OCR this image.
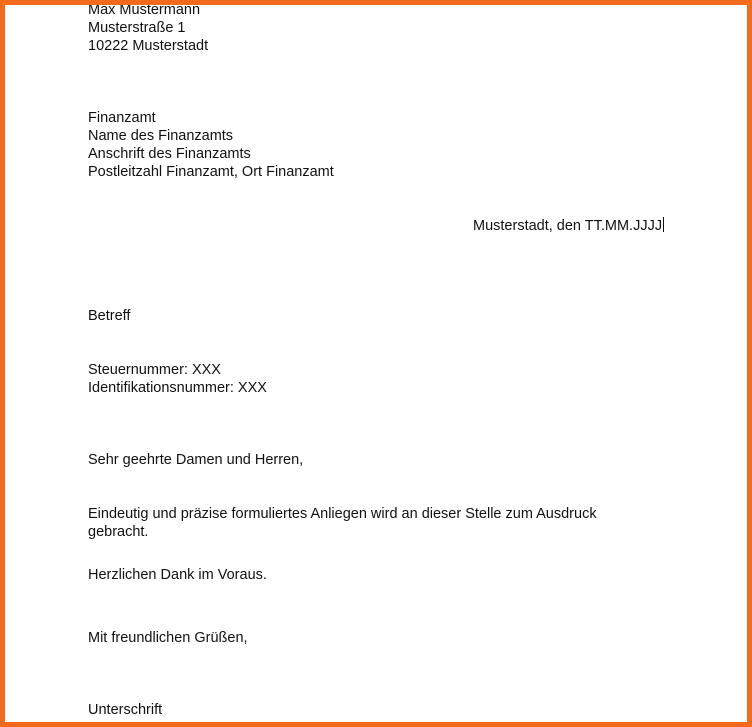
Max Mustermann
Musterstraße 1
10222 Musterstadt
Finanzamt
Name des Finanzamts
Anschrift des Finanzamts
Postleitzahl Finanzamt, Ort Finanzamt
Musterstadt, den TT.MM.JJJJ
Betreff
Steuernummer: XXX
Identifikationsnummer: XXX
Sehr geehrte Damen und Herren,
Eindeutig und präzise formuliertes Anliegen wird an dieser Stelle zum Ausdruck
gebracht.
Herzlichen Dank im Voraus.
Mit freundlichen Grüßen,
Unterschrift
